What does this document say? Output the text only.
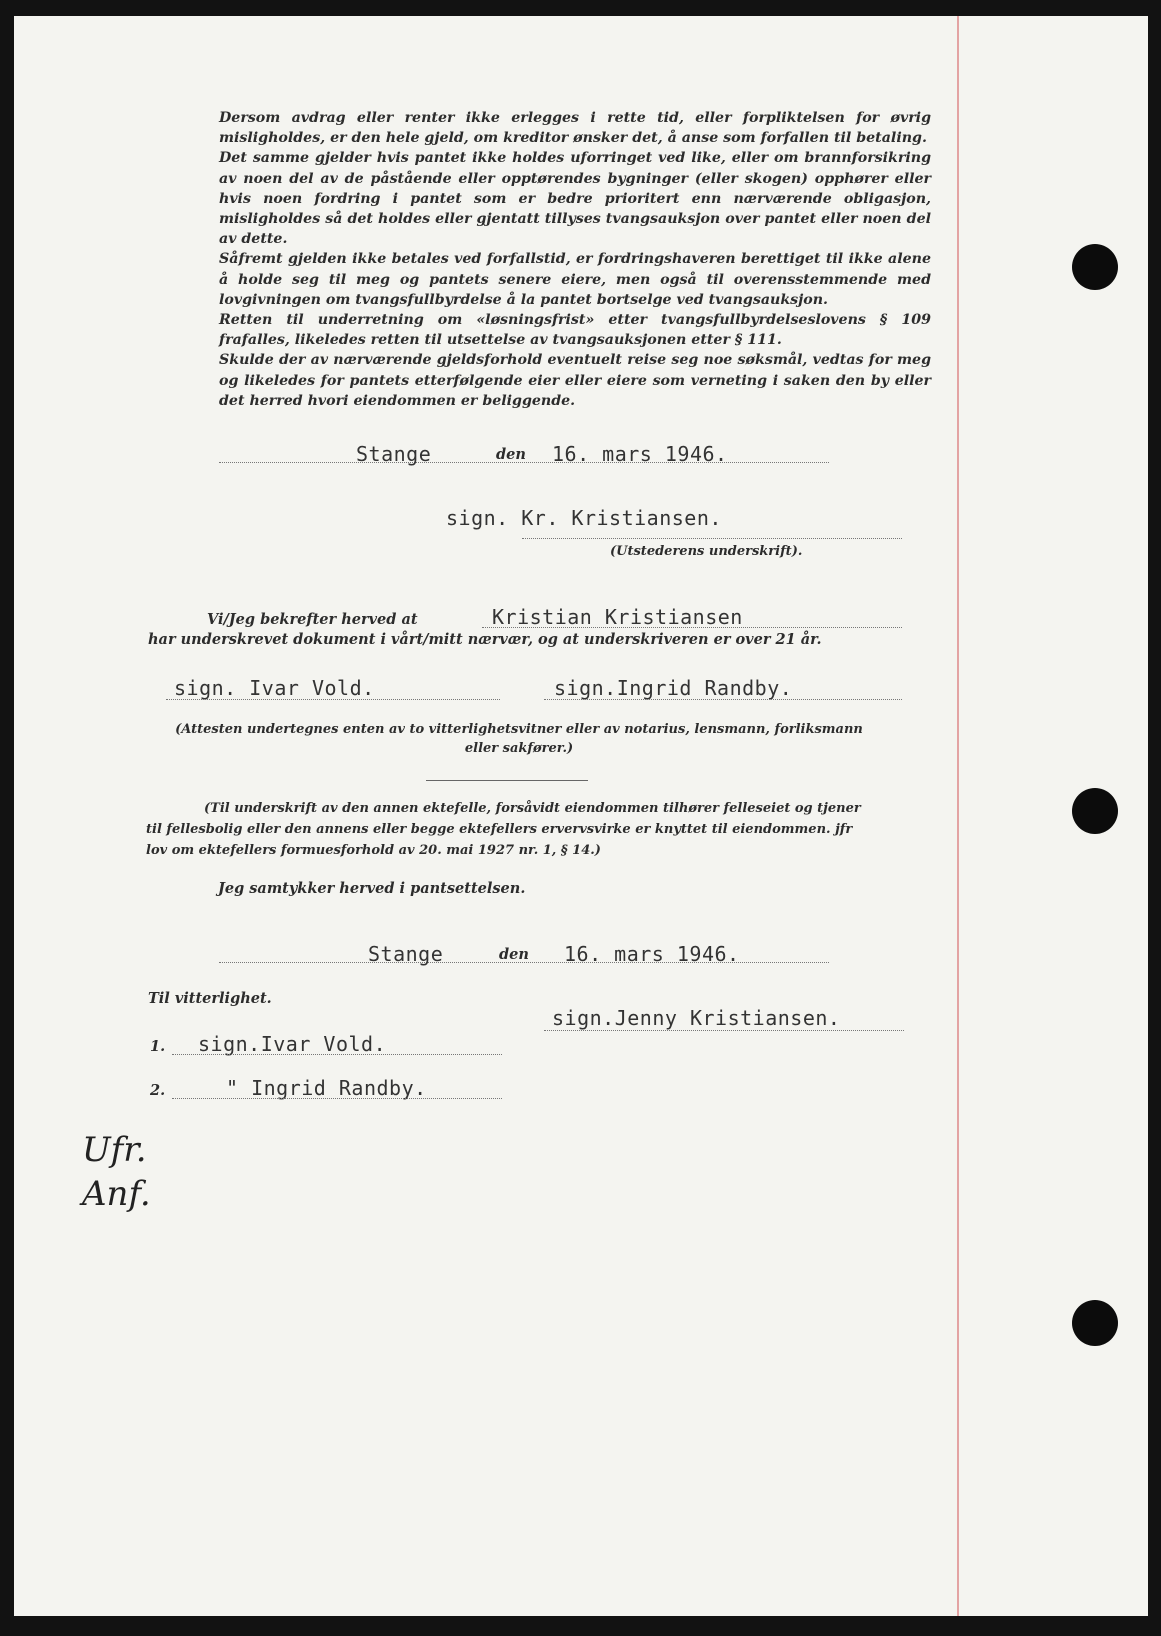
Dersom avdrag eller renter ikke erlegges i rette tid, eller forpliktelsen for øvrig misligholdes, er den hele gjeld, om kreditor ønsker det, å anse som forfallen til betaling.

Det samme gjelder hvis pantet ikke holdes uforringet ved like, eller om brannforsikring av noen del av de påstående eller opptørendes bygninger (eller skogen) opphører eller hvis noen fordring i pantet som er bedre prioritert enn nærværende obligasjon, misligholdes så det holdes eller gjentatt tillyses tvangsauksjon over pantet eller noen del av dette.

Såfremt gjelden ikke betales ved forfallstid, er fordringshaveren berettiget til ikke alene å holde seg til meg og pantets senere eiere, men også til overensstemmende med lovgivningen om tvangsfullbyrdelse å la pantet bortselge ved tvangsauksjon.

Retten til underretning om «løsningsfrist» etter tvangsfullbyrdelseslovens § 109 frafalles, likeledes retten til utsettelse av tvangsauksjonen etter § 111.

Skulde der av nærværende gjeldsforhold eventuelt reise seg noe søksmål, vedtas for meg og likeledes for pantets etterfølgende eier eller eiere som verneting i saken den by eller det herred hvori eiendommen er beliggende.

Stange	den 16. mars 1946.
sign. Kr. Kristiansen.
(Utstederens underskrift).
Vi/Jeg bekrefter herved at	Kristian Kristiansen
har underskrevet dokument i vårt/mitt nærvær, og at underskriveren er over 21 år.
sign. Ivar Vold.	sign.Ingrid Randby.
(Attesten undertegnes enten av to vitterlighetsvitner eller av notarius, lensmann, forliksmann
eller sakfører.)
(Til underskrift av den annen ektefelle, forsåvidt eiendommen tilhører felleseiet og tjener
til fellesbolig eller den annens eller begge ektefellers ervervsvirke er knyttet til eiendommen. jfr
lov om ektefellers formuesforhold av 20. mai 1927 nr. 1, § 14.)
Jeg samtykker herved i pantsettelsen.
Stange	den 16. mars 1946.
Til vitterlighet.
sign.Jenny Kristiansen.
1. sign.Ivar Vold.
2.	" Ingrid Randby.
Ufr.
Anf.
